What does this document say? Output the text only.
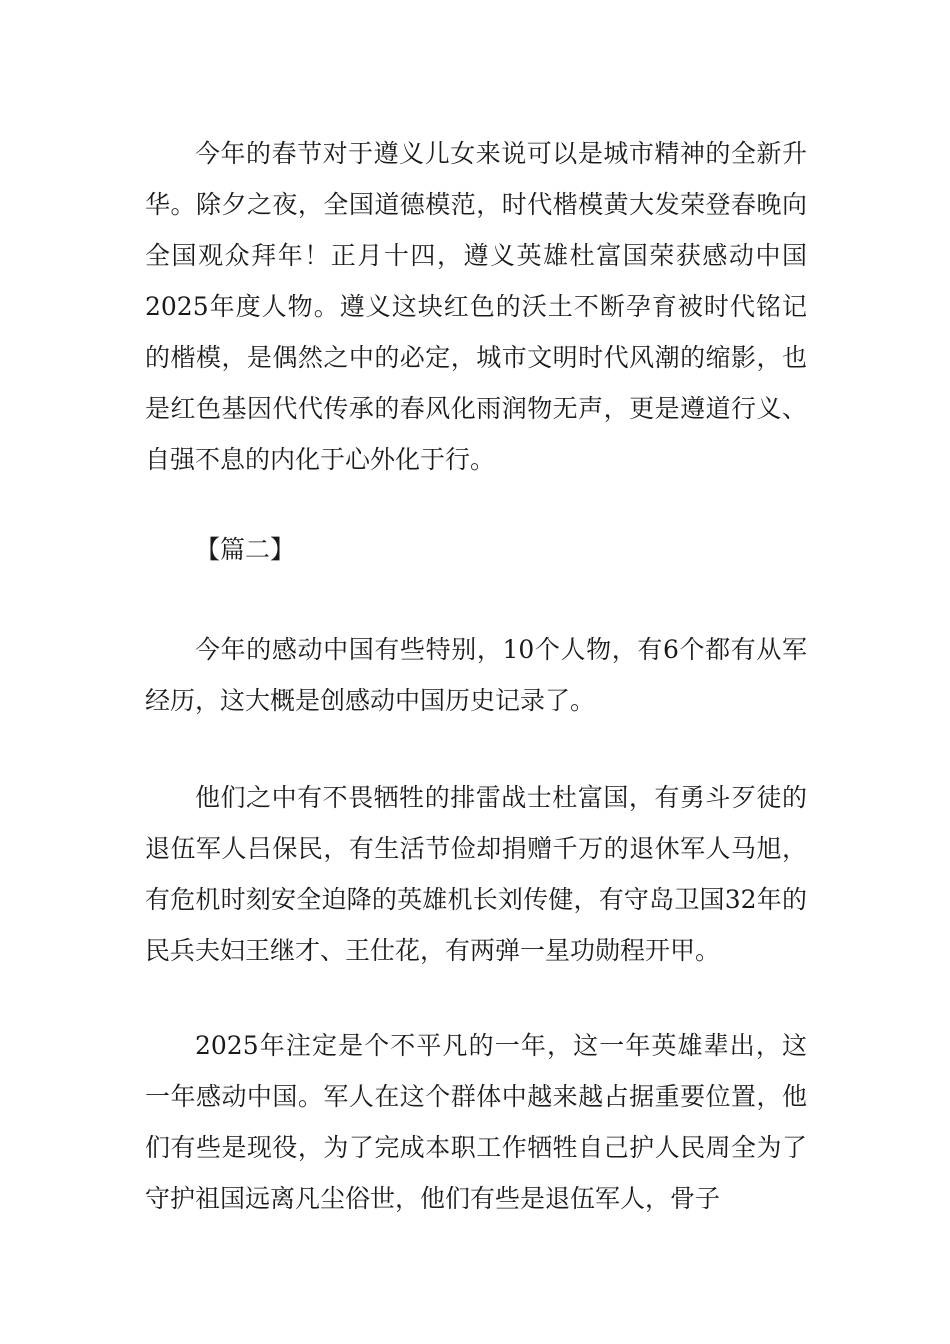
今年的春节对于遵义儿女来说可以是城市精神的全新升华。除夕之夜，全国道德模范，时代楷模黄大发荣登春晚向全国观众拜年！正月十四，遵义英雄杜富国荣获感动中国2025年度人物。遵义这块红色的沃土不断孕育被时代铭记的楷模，是偶然之中的必定，城市文明时代风潮的缩影，也是红色基因代代传承的春风化雨润物无声，更是遵道行义、自强不息的内化于心外化于行。

【篇二】

今年的感动中国有些特别，10个人物，有6个都有从军经历，这大概是创感动中国历史记录了。

他们之中有不畏牺牲的排雷战士杜富国，有勇斗歹徒的退伍军人吕保民，有生活节俭却捐赠千万的退休军人马旭，有危机时刻安全迫降的英雄机长刘传健，有守岛卫国32年的民兵夫妇王继才、王仕花，有两弹一星功勋程开甲。

2025年注定是个不平凡的一年，这一年英雄辈出，这一年感动中国。军人在这个群体中越来越占据重要位置，他们有些是现役，为了完成本职工作牺牲自己护人民周全为了守护祖国远离凡尘俗世，他们有些是退伍军人，骨子
